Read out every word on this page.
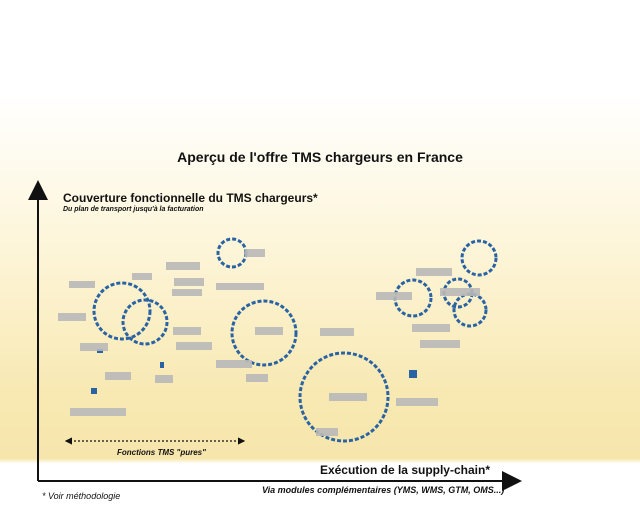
Aperçu de l'offre TMS chargeurs en France
Couverture fonctionnelle du TMS chargeurs*
Du plan de transport jusqu'à la facturation
Exécution de la supply-chain*
Via modules complémentaires (YMS, WMS, GTM, OMS...)
Fonctions TMS "pures"
* Voir méthodologie
